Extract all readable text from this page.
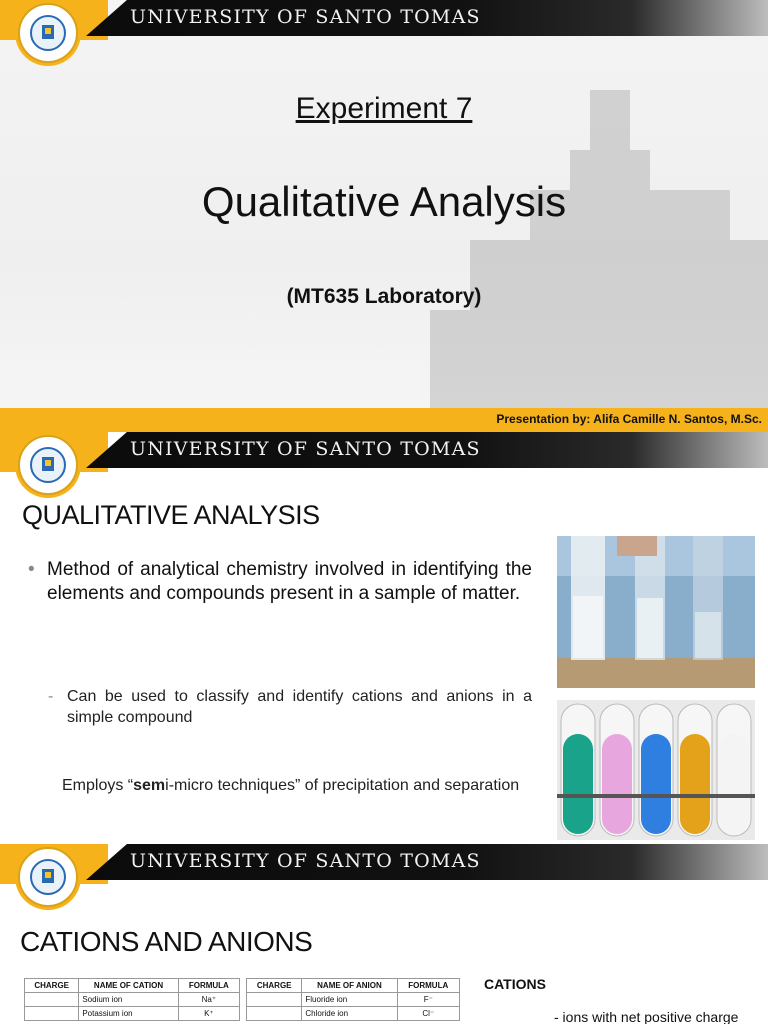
UNIVERSITY OF SANTO TOMAS
Experiment 7
Qualitative Analysis
(MT635 Laboratory)
Presentation by: Alifa Camille N. Santos, M.Sc.
UNIVERSITY OF SANTO TOMAS
QUALITATIVE ANALYSIS
• Method of analytical chemistry involved in identifying the elements and compounds present in a sample of matter.
- Can be used to classify and identify cations and anions in a simple compound
Employs “semi-micro techniques” of precipitation and separation
UNIVERSITY OF SANTO TOMAS
CATIONS AND ANIONS
CHARGE	NAME OF CATION	FORMULA
	Sodium ion	Na⁺
	Potassium ion	K⁺
CHARGE	NAME OF ANION	FORMULA
	Fluoride ion	F⁻
	Chloride ion	Cl⁻
CATIONS
- ions with net positive charge
